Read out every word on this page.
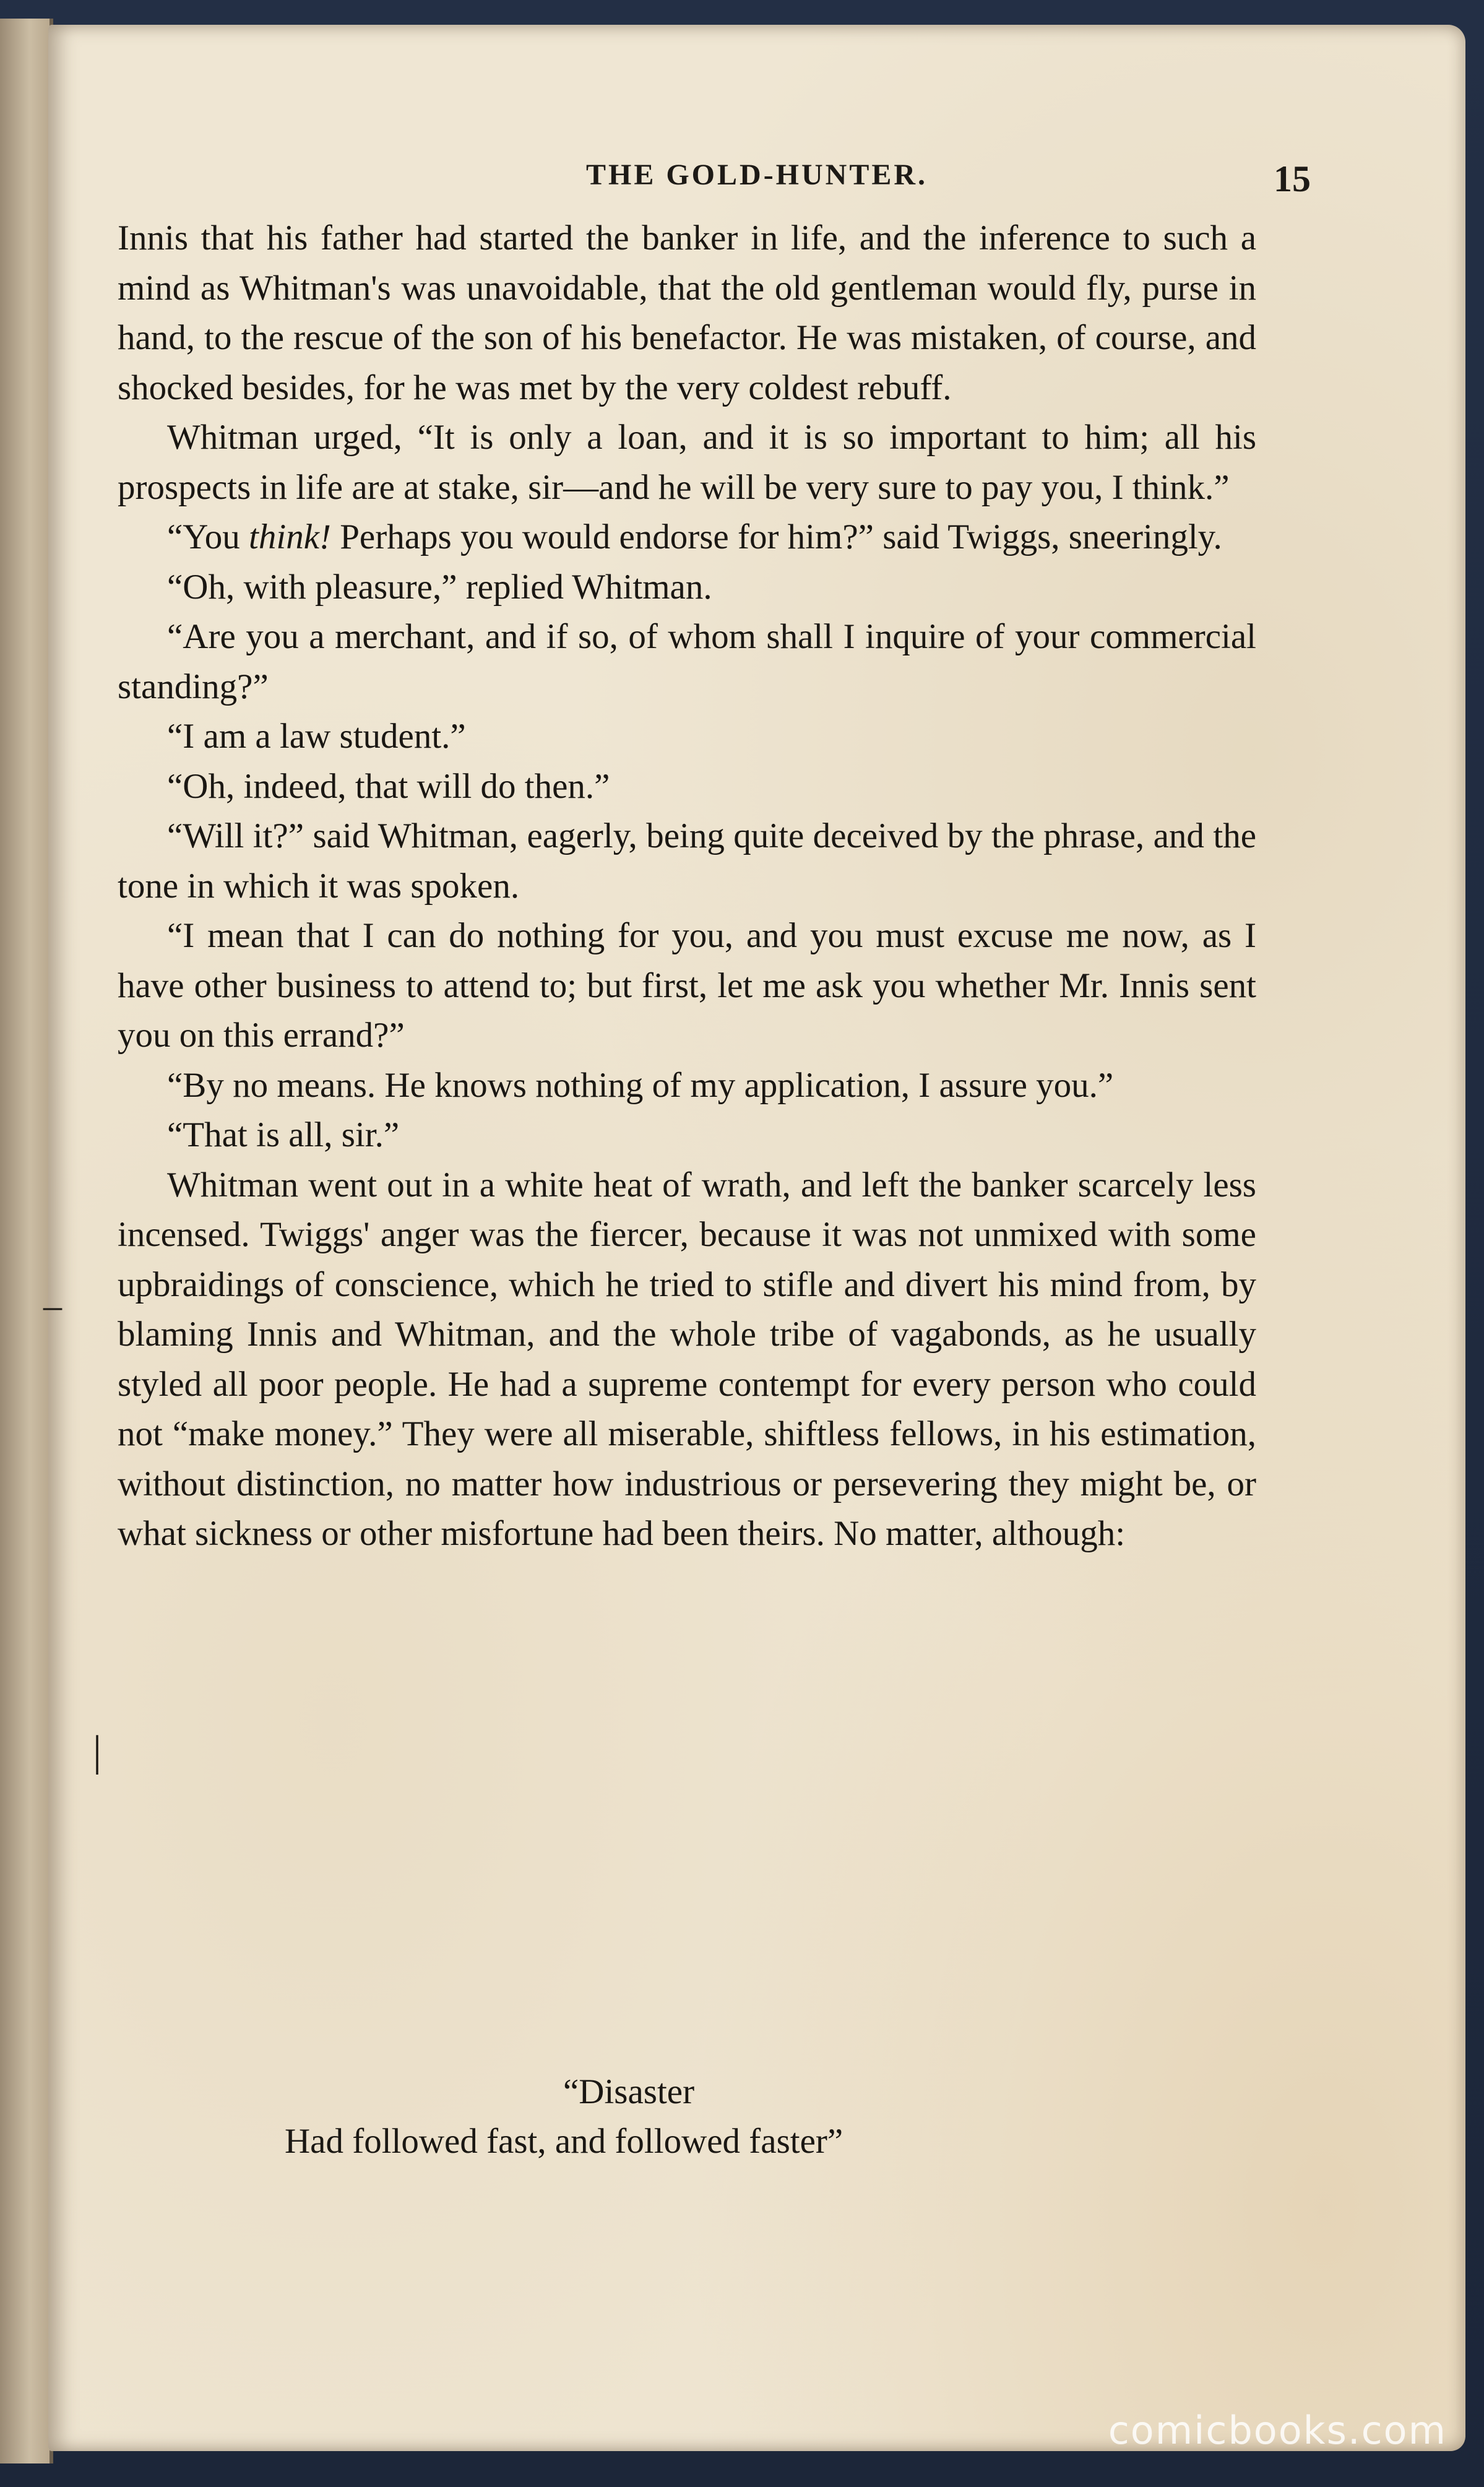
THE GOLD-HUNTER.	15

Innis that his father had started the banker in life, and the inference to such a mind as Whitman's was unavoidable, that the old gentleman would fly, purse in hand, to the rescue of the son of his benefactor. He was mistaken, of course, and shocked besides, for he was met by the very coldest rebuff.

Whitman urged, “It is only a loan, and it is so important to him; all his prospects in life are at stake, sir—and he will be very sure to pay you, I think.”

“You think! Perhaps you would endorse for him?” said Twiggs, sneeringly.

“Oh, with pleasure,” replied Whitman.

“Are you a merchant, and if so, of whom shall I inquire of your commercial standing?”

“I am a law student.”

“Oh, indeed, that will do then.”

“Will it?” said Whitman, eagerly, being quite deceived by the phrase, and the tone in which it was spoken.

“I mean that I can do nothing for you, and you must excuse me now, as I have other business to attend to; but first, let me ask you whether Mr. Innis sent you on this errand?”

“By no means. He knows nothing of my application, I assure you.”

“That is all, sir.”

Whitman went out in a white heat of wrath, and left the banker scarcely less incensed. Twiggs' anger was the fiercer, because it was not unmixed with some upbraidings of conscience, which he tried to stifle and divert his mind from, by blaming Innis and Whitman, and the whole tribe of vagabonds, as he usually styled all poor people. He had a supreme contempt for every person who could not “make money.” They were all miserable, shiftless fellows, in his estimation, without distinction, no matter how industrious or persevering they might be, or what sickness or other misfortune had been theirs. No matter, although:

“Disaster
Had followed fast, and followed faster”
–
|
comicbooks.com
